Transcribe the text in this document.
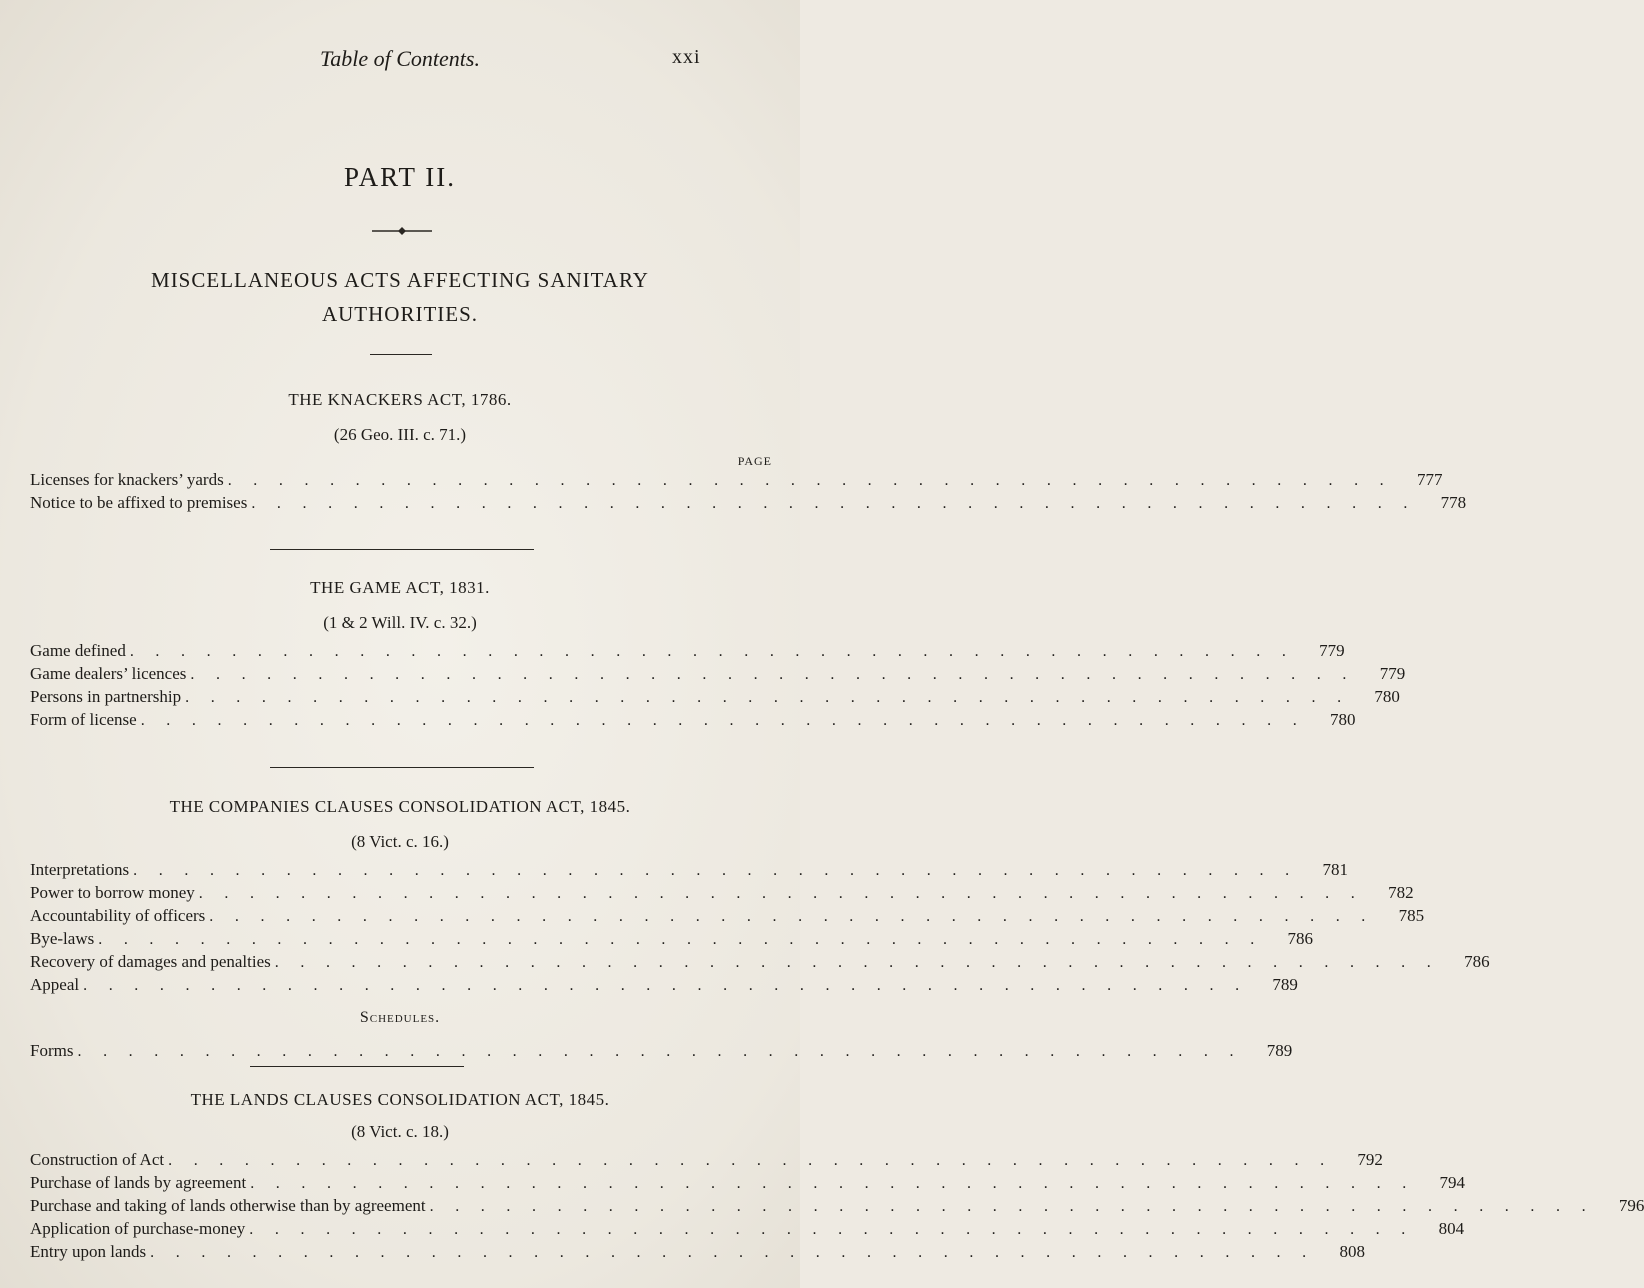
Table of Contents.	xxi
PART II.
MISCELLANEOUS ACTS AFFECTING SANITARY
AUTHORITIES.
THE KNACKERS ACT, 1786.
(26 Geo. III. c. 71.)
PAGE
Licenses for knackers’ yards . . . . . . . . . . . . . . . . . . . . . . . . . . . . . . . . . . . . . . . . . . . . . .	777
Notice to be affixed to premises . . . . . . . . . . . . . . . . . . . . . . . . . . . . . . . . . . . . . . . . . . . . . .	778
THE GAME ACT, 1831.
(1 & 2 Will. IV. c. 32.)
Game defined . . . . . . . . . . . . . . . . . . . . . . . . . . . . . . . . . . . . . . . . . . . . . .	779
Game dealers’ licences . . . . . . . . . . . . . . . . . . . . . . . . . . . . . . . . . . . . . . . . . . . . . .	779
Persons in partnership . . . . . . . . . . . . . . . . . . . . . . . . . . . . . . . . . . . . . . . . . . . . . .	780
Form of license . . . . . . . . . . . . . . . . . . . . . . . . . . . . . . . . . . . . . . . . . . . . . .	780
THE COMPANIES CLAUSES CONSOLIDATION ACT, 1845.
(8 Vict. c. 16.)
Interpretations . . . . . . . . . . . . . . . . . . . . . . . . . . . . . . . . . . . . . . . . . . . . . .	781
Power to borrow money . . . . . . . . . . . . . . . . . . . . . . . . . . . . . . . . . . . . . . . . . . . . . .	782
Accountability of officers . . . . . . . . . . . . . . . . . . . . . . . . . . . . . . . . . . . . . . . . . . . . . .	785
Bye-laws . . . . . . . . . . . . . . . . . . . . . . . . . . . . . . . . . . . . . . . . . . . . . .	786
Recovery of damages and penalties . . . . . . . . . . . . . . . . . . . . . . . . . . . . . . . . . . . . . . . . . . . . . .	786
Appeal . . . . . . . . . . . . . . . . . . . . . . . . . . . . . . . . . . . . . . . . . . . . . .	789
Schedules.
Forms . . . . . . . . . . . . . . . . . . . . . . . . . . . . . . . . . . . . . . . . . . . . . .	789
THE LANDS CLAUSES CONSOLIDATION ACT, 1845.
(8 Vict. c. 18.)
Construction of Act . . . . . . . . . . . . . . . . . . . . . . . . . . . . . . . . . . . . . . . . . . . . . .	792
Purchase of lands by agreement . . . . . . . . . . . . . . . . . . . . . . . . . . . . . . . . . . . . . . . . . . . . . .	794
Purchase and taking of lands otherwise than by agreement . . . . . . . . . . . . . . . . . . . . . . . . . . . . . . . . . . . . . . . . . . . . . .	796
Application of purchase-money . . . . . . . . . . . . . . . . . . . . . . . . . . . . . . . . . . . . . . . . . . . . . .	804
Entry upon lands . . . . . . . . . . . . . . . . . . . . . . . . . . . . . . . . . . . . . . . . . . . . . .	808
